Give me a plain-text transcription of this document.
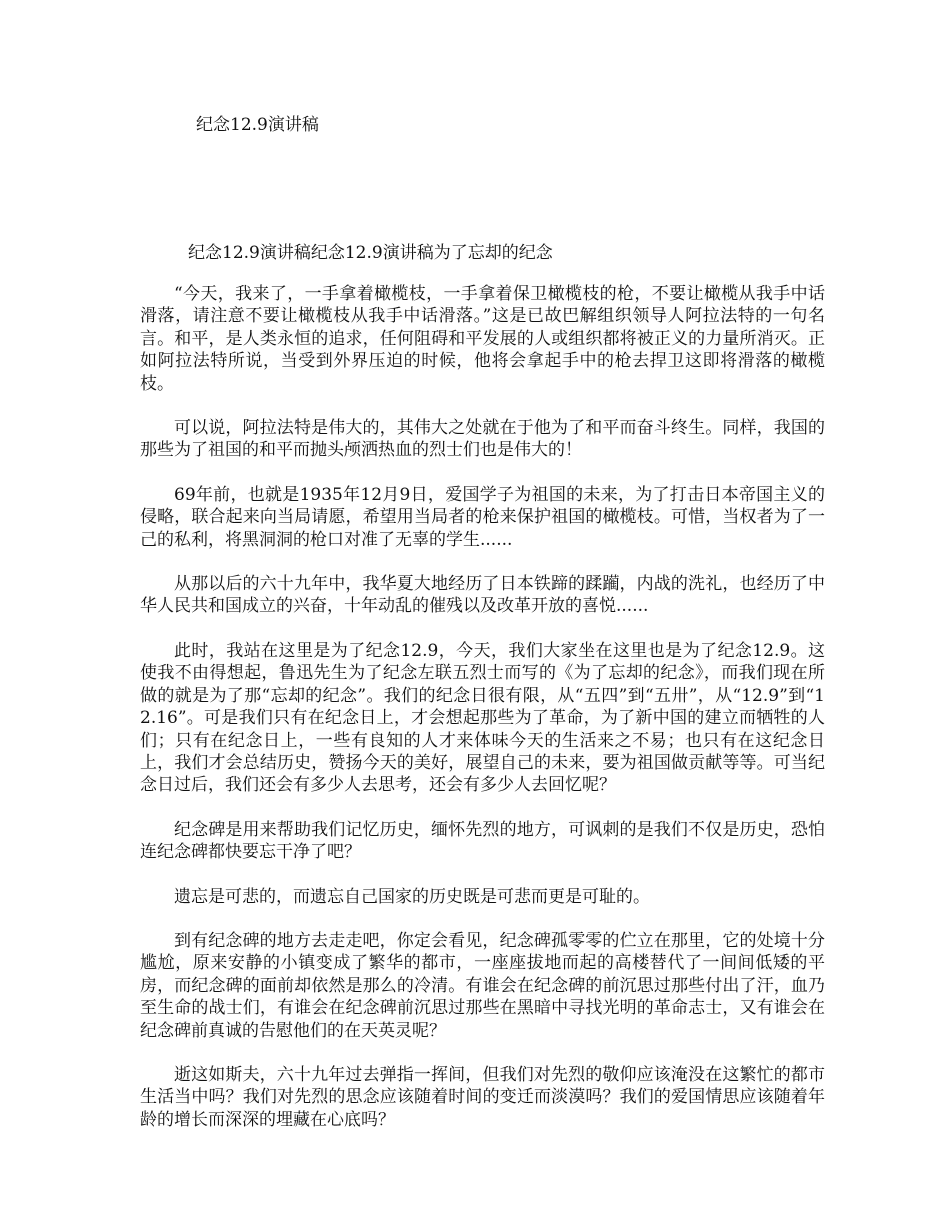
纪念12.9演讲稿

纪念12.9演讲稿纪念12.9演讲稿为了忘却的纪念

“今天，我来了，一手拿着橄榄枝，一手拿着保卫橄榄枝的枪，不要让橄榄从我手中话滑落，请注意不要让橄榄枝从我手中话滑落。”这是已故巴解组织领导人阿拉法特的一句名言。和平，是人类永恒的追求，任何阻碍和平发展的人或组织都将被正义的力量所消灭。正如阿拉法特所说，当受到外界压迫的时候，他将会拿起手中的枪去捍卫这即将滑落的橄榄枝。

可以说，阿拉法特是伟大的，其伟大之处就在于他为了和平而奋斗终生。同样，我国的那些为了祖国的和平而抛头颅洒热血的烈士们也是伟大的！

69年前，也就是1935年12月9日，爱国学子为祖国的未来，为了打击日本帝国主义的侵略，联合起来向当局请愿，希望用当局者的枪来保护祖国的橄榄枝。可惜，当权者为了一己的私利，将黑洞洞的枪口对准了无辜的学生......

从那以后的六十九年中，我华夏大地经历了日本铁蹄的蹂躏，内战的洗礼，也经历了中华人民共和国成立的兴奋，十年动乱的催残以及改革开放的喜悦......

此时，我站在这里是为了纪念12.9，今天，我们大家坐在这里也是为了纪念12.9。这使我不由得想起，鲁迅先生为了纪念左联五烈士而写的《为了忘却的纪念》，而我们现在所做的就是为了那“忘却的纪念”。我们的纪念日很有限，从“五四”到“五卅”，从“12.9”到“12.16”。可是我们只有在纪念日上，才会想起那些为了革命，为了新中国的建立而牺牲的人们；只有在纪念日上，一些有良知的人才来体味今天的生活来之不易；也只有在这纪念日上，我们才会总结历史，赞扬今天的美好，展望自己的未来，要为祖国做贡献等等。可当纪念日过后，我们还会有多少人去思考，还会有多少人去回忆呢？

纪念碑是用来帮助我们记忆历史，缅怀先烈的地方，可讽刺的是我们不仅是历史，恐怕连纪念碑都快要忘干净了吧？

遗忘是可悲的，而遗忘自己国家的历史既是可悲而更是可耻的。

到有纪念碑的地方去走走吧，你定会看见，纪念碑孤零零的伫立在那里，它的处境十分尴尬，原来安静的小镇变成了繁华的都市，一座座拔地而起的高楼替代了一间间低矮的平房，而纪念碑的面前却依然是那么的冷清。有谁会在纪念碑的前沉思过那些付出了汗，血乃至生命的战士们，有谁会在纪念碑前沉思过那些在黑暗中寻找光明的革命志士，又有谁会在纪念碑前真诚的告慰他们的在天英灵呢？

逝这如斯夫，六十九年过去弹指一挥间，但我们对先烈的敬仰应该淹没在这繁忙的都市生活当中吗？我们对先烈的思念应该随着时间的变迁而淡漠吗？我们的爱国情思应该随着年龄的增长而深深的埋藏在心底吗？
